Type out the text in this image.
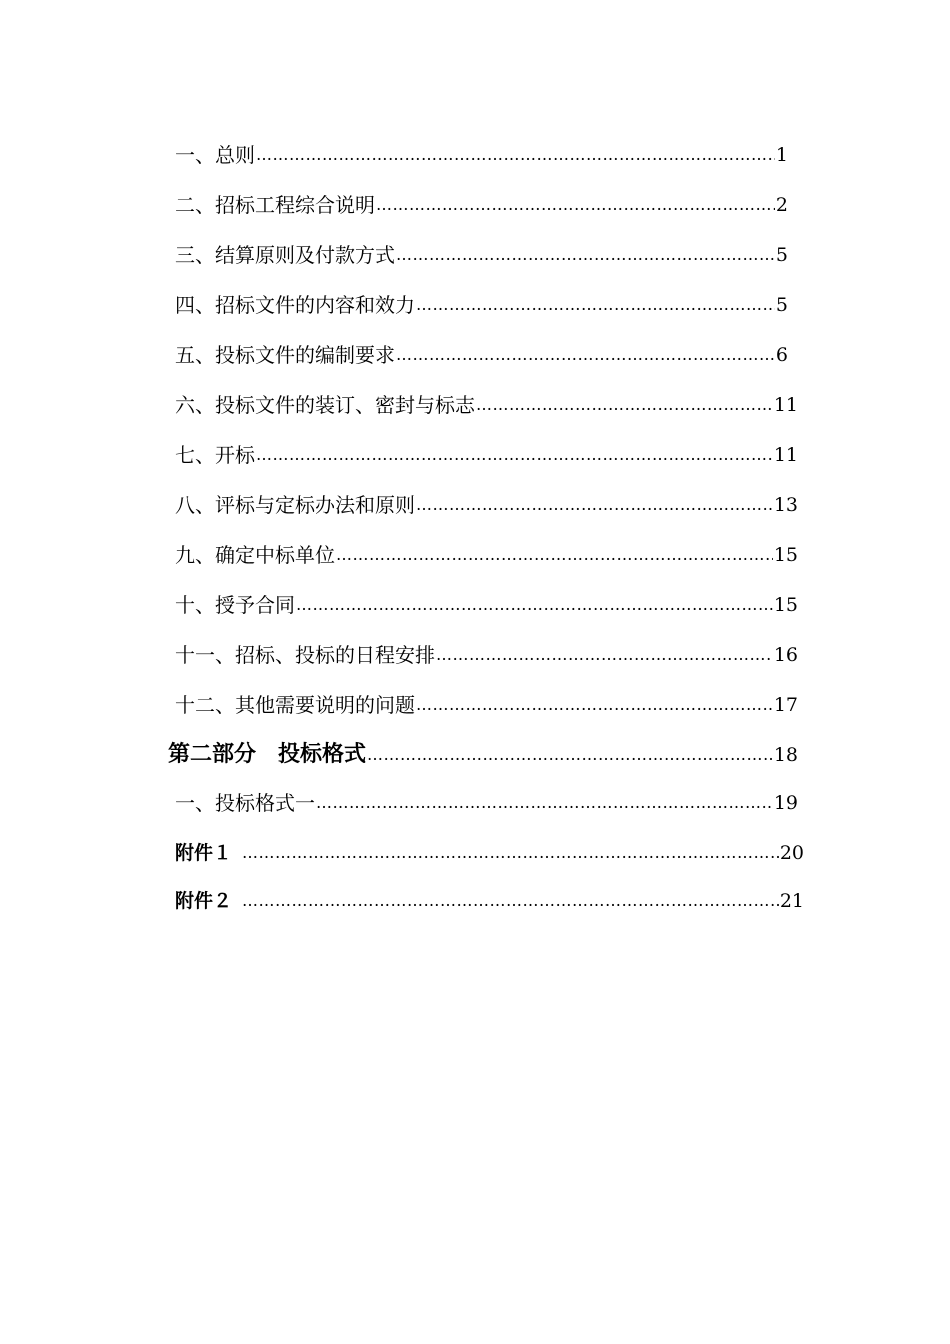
一、总则 ………………………………………………………………………………………………………………………………………………………………………………………………………………………………	1
二、招标工程综合说明 ………………………………………………………………………………………………………………………………………………………………………………………………………………………………	2
三、结算原则及付款方式 ………………………………………………………………………………………………………………………………………………………………………………………………………………………………	5
四、招标文件的内容和效力 ………………………………………………………………………………………………………………………………………………………………………………………………………………………………	5
五、投标文件的编制要求 ………………………………………………………………………………………………………………………………………………………………………………………………………………………………	6
六、投标文件的装订、密封与标志 ………………………………………………………………………………………………………………………………………………………………………………………………………………………………	11
七、开标 ………………………………………………………………………………………………………………………………………………………………………………………………………………………………	11
八、评标与定标办法和原则 ………………………………………………………………………………………………………………………………………………………………………………………………………………………………	13
九、确定中标单位 ………………………………………………………………………………………………………………………………………………………………………………………………………………………………	15
十、授予合同 ………………………………………………………………………………………………………………………………………………………………………………………………………………………………	15
十一、招标、投标的日程安排 ………………………………………………………………………………………………………………………………………………………………………………………………………………………………	16
十二、其他需要说明的问题 ………………………………………………………………………………………………………………………………………………………………………………………………………………………………	17
第二部分　投标格式 ………………………………………………………………………………………………………………………………………………………………………………………………………………………………	18
一、投标格式一 ………………………………………………………………………………………………………………………………………………………………………………………………………………………………	19
附件１ ………………………………………………………………………………………………………………………………………………………………………………………………………………………………	20
附件２ ………………………………………………………………………………………………………………………………………………………………………………………………………………………………	21
